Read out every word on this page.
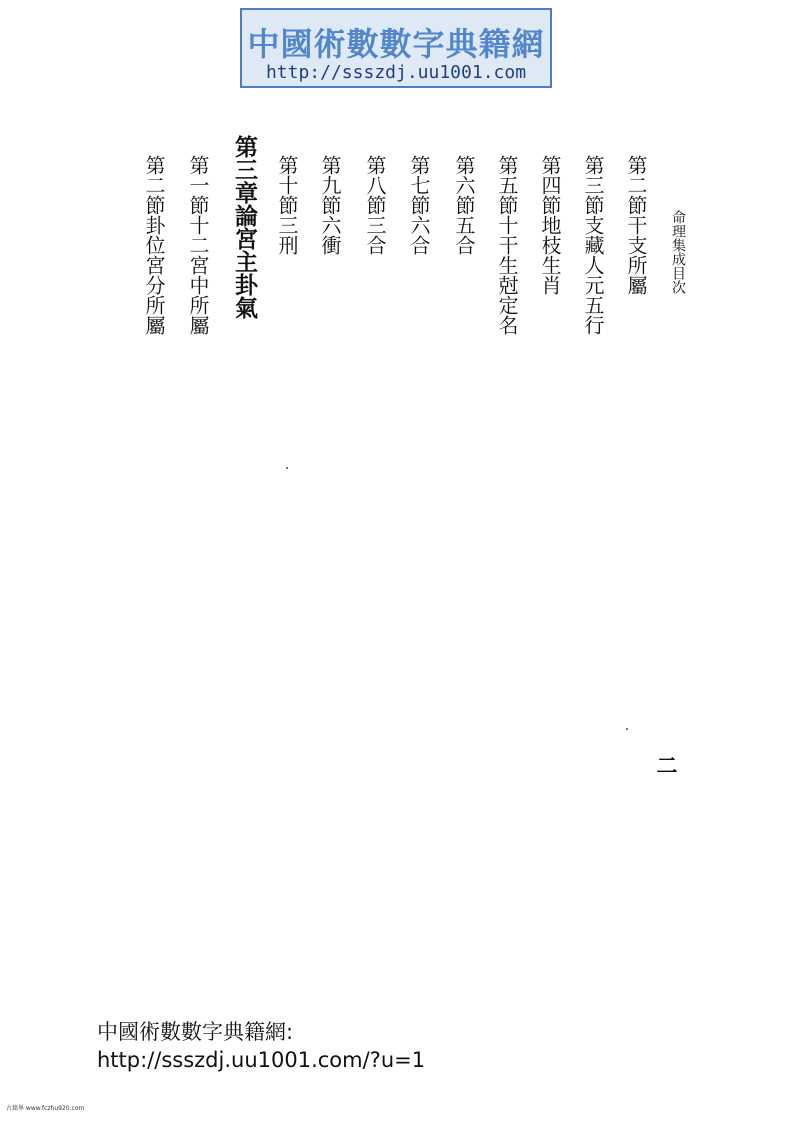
中國術數數字典籍網
http://ssszdj.uu1001.com
命理集成目次
第二節干支所屬
第三節支藏人元五行
第四節地枝生肖
第五節十干生尅定名
第六節五合
第七節六合
第八節三合
第九節六衝
第十節三刑
第三章論宮主卦氣
第一節十二宮中所屬
第二節卦位宮分所屬
二
中國術數數字典籍網:
http://ssszdj.uu1001.com/?u=1
古籍界 www.fczhu920.com
